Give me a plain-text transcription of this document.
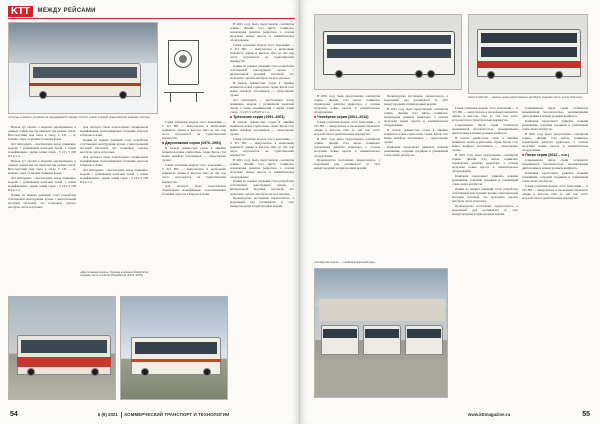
KTT	МЕЖДУ РЕЙСАМИ
«Сетры» в зимних условиях на передвижной станции. Кстати, иначе и зимой представляли новинки «Сетра»

Нельзя тут сказать о моделях одновременно: в данных сериях мы бы смешали три разных стиля. Впоследствии ещё была в эпоху S 130 — и, конечно, верх от мелких больших форм.

Лет пятнадцать – шестнадцать назад появились модели с удлинённой колёсной базой, а также модификации с двумя осями сзади – S 215, S 228 DT и т. п.

Нельзя тут сказать о моделях одновременно: в данных сериях мы бы смешали три разных стиля. Впоследствии ещё была в эпоху S 130 — и, конечно, верх от мелких больших форм.

Лет пятнадцать – шестнадцать назад появились модели с удлинённой колёсной базой, а также модификации с двумя осями сзади – S 215, S 228 DT и т. п.

Одним из первых решений стала разработка собственной конструкции кузова с интегральной несущей системой, что позволило сделать автобусы легче и прочнее.

«Двухэтажная серия». Техника компании Kässbohrer, ходовая часть и шасси. Разработка (1972–1975)

Для экспорта была подготовлена специальная модификация, пользовавшаяся большим спросом в Европе и Азии.

Одним из первых решений стала разработка собственной конструкции кузова с интегральной несущей системой, что позволило сделать автобусы легче и прочнее.

Для экспорта была подготовлена специальная модификация, пользовавшаяся большим спросом в Европе и Азии.

Лет пятнадцать – шестнадцать назад появились модели с удлинённой колёсной базой, а также модификации с двумя осями сзади – S 215, S 228 DT и т. п.

Самая успешная модель этого поколения — S 315 HD — выпускалась в нескольких вариантах длины и высоты. Она до сих пор часто встречается на туристических маршрутах.

■ Двухэтажная серия (1976–1991)

В начале девяностых годов в линейке появилась новая «трёхосная» серия. Кузов стал выше, комфорт пассажиров — существенно лучше.

Самая успешная модель этого поколения — S 315 HD — выпускалась в нескольких вариантах длины и высоты. Она до сих пор часто встречается на туристических маршрутах.

Для экспорта была подготовлена специальная модификация, пользовавшаяся большим спросом в Европе и Азии.

В 2001 году была представлена «четвёртая серия». Дизайн стал мягче, появилась характерная решётка радиатора, а салоны получили новые кресла и климатическое оборудование.

Самая успешная модель этого поколения — S 315 HD — выпускалась в нескольких вариантах длины и высоты. Она до сих пор часто встречается на туристических маршрутах.

Одним из первых решений стала разработка собственной конструкции кузова с интегральной несущей системой, что позволило сделать автобусы легче и прочнее.

В начале девяностых годов в линейке появилась новая «трёхосная» серия. Кузов стал выше, комфорт пассажиров — существенно лучше.

Лет пятнадцать – шестнадцать назад появились модели с удлинённой колёсной базой, а также модификации с двумя осями сзади – S 215, S 228 DT и т. п.

■ Трёхосная серия (1991–2001)

В начале девяностых годов в линейке появилась новая «трёхосная» серия. Кузов стал выше, комфорт пассажиров — существенно лучше.

Самая успешная модель этого поколения — S 315 HD — выпускалась в нескольких вариантах длины и высоты. Она до сих пор часто встречается на туристических маршрутах.

В 2001 году была представлена «четвёртая серия». Дизайн стал мягче, появилась характерная решётка радиатора, а салоны получили новые кресла и климатическое оборудование.

Одним из первых решений стала разработка собственной конструкции кузова с интегральной несущей системой, что позволило сделать автобусы легче и прочнее.

Производство постепенно переносилось, а модельный ряд расширялся за счёт междугородних и пригородных версий.

54	6 (9) 2021 КОММЕРЧЕСКИЙ ТРАНСПОРТ И ТЕХНОЛОГИИ
Setra S 316 HD — ранние серии двухэтажного автобуса, ходовая часть, кузов. Kilometer

В 2001 году была представлена «четвёртая серия». Дизайн стал мягче, появилась характерная решётка радиатора, а салоны получили новые кресла и климатическое оборудование.

■ Четвёртая серия (2001–2012)

Самая успешная модель этого поколения — S 315 HD — выпускалась в нескольких вариантах длины и высоты. Она до сих пор часто встречается на туристических маршрутах.

В 2001 году была представлена «четвёртая серия». Дизайн стал мягче, появилась характерная решётка радиатора, а салоны получили новые кресла и климатическое оборудование.

Производство постепенно переносилось, а модельный ряд расширялся за счёт междугородних и пригородных версий.

Производство постепенно переносилось, а модельный ряд расширялся за счёт междугородних и пригородных версий.

В 2001 году была представлена «четвёртая серия». Дизайн стал мягче, появилась характерная решётка радиатора, а салоны получили новые кресла и климатическое оборудование.

В начале девяностых годов в линейке появилась новая «трёхосная» серия. Кузов стал выше, комфорт пассажиров — существенно лучше.

Компания продолжает удивлять новыми решениями, сохраняя традиции и узнаваемый стиль своих автобусов.

«Четвёртая серия» — «новый модельный ряд»

Самая успешная модель этого поколения — S 315 HD — выпускалась в нескольких вариантах длины и высоты. Она до сих пор часто встречается на туристических маршрутах.

Современная пятая серия отличается повышенной безопасностью, экономичными двигателями и новым уровнем комфорта.

В начале девяностых годов в линейке появилась новая «трёхосная» серия. Кузов стал выше, комфорт пассажиров — существенно лучше.

В 2001 году была представлена «четвёртая серия». Дизайн стал мягче, появилась характерная решётка радиатора, а салоны получили новые кресла и климатическое оборудование.

Компания продолжает удивлять новыми решениями, сохраняя традиции и узнаваемый стиль своих автобусов.

Одним из первых решений стала разработка собственной конструкции кузова с интегральной несущей системой, что позволило сделать автобусы легче и прочнее.

Производство постепенно переносилось, а модельный ряд расширялся за счёт междугородних и пригородных версий.

Современная пятая серия отличается повышенной безопасностью, экономичными двигателями и новым уровнем комфорта.

Компания продолжает удивлять новыми решениями, сохраняя традиции и узнаваемый стиль своих автобусов.

В 2001 году была представлена «четвёртая серия». Дизайн стал мягче, появилась характерная решётка радиатора, а салоны получили новые кресла и климатическое оборудование.

■ Пятая серия (2012 – н.в.)

Современная пятая серия отличается повышенной безопасностью, экономичными двигателями и новым уровнем комфорта.

Компания продолжает удивлять новыми решениями, сохраняя традиции и узнаваемый стиль своих автобусов.

Самая успешная модель этого поколения — S 315 HD — выпускалась в нескольких вариантах длины и высоты. Она до сих пор часто встречается на туристических маршрутах.

www.kttmagazine.ru	55
